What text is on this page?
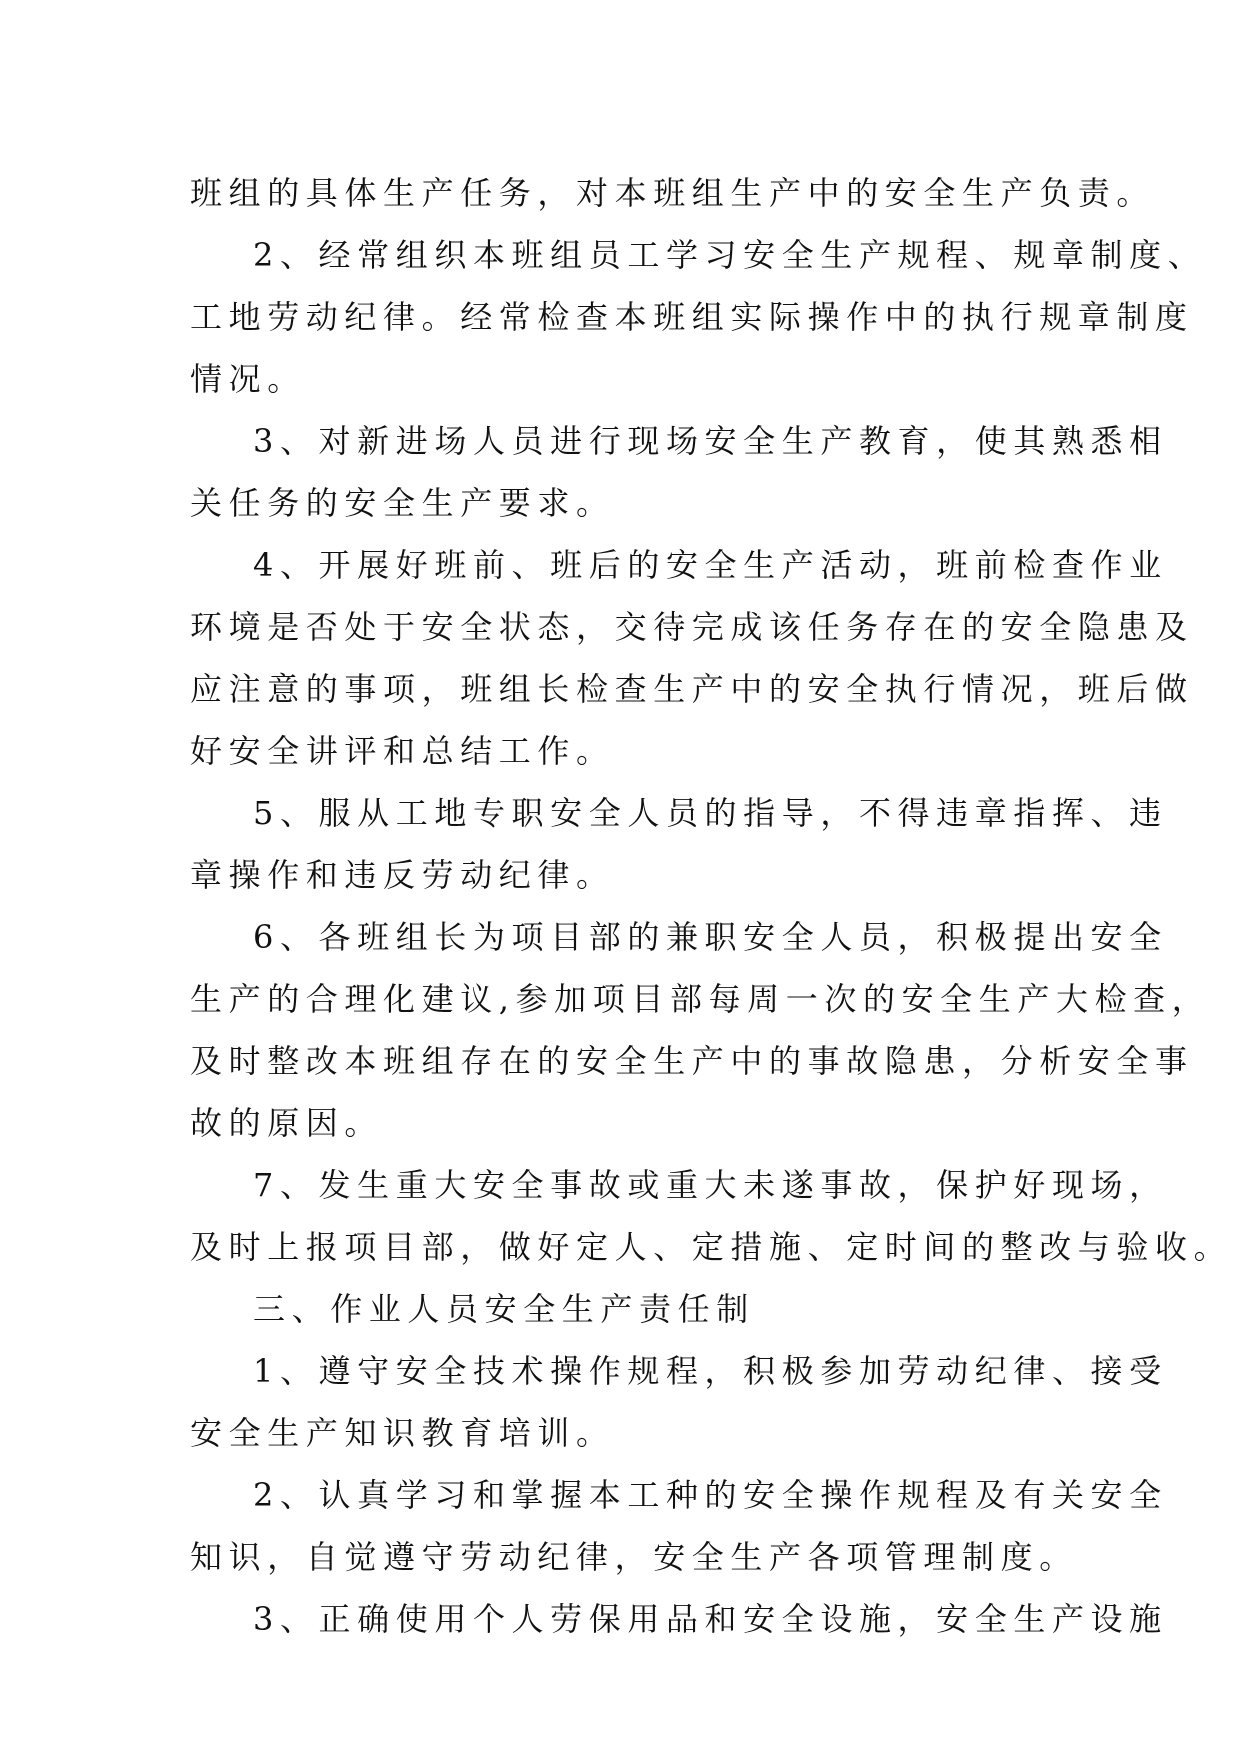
班组的具体生产任务，对本班组生产中的安全生产负责。
2、经常组织本班组员工学习安全生产规程、规章制度、
工地劳动纪律。经常检查本班组实际操作中的执行规章制度
情况。
3、对新进场人员进行现场安全生产教育，使其熟悉相
关任务的安全生产要求。
4、开展好班前、班后的安全生产活动，班前检查作业
环境是否处于安全状态，交待完成该任务存在的安全隐患及
应注意的事项，班组长检查生产中的安全执行情况，班后做
好安全讲评和总结工作。
5、服从工地专职安全人员的指导，不得违章指挥、违
章操作和违反劳动纪律。
6、各班组长为项目部的兼职安全人员，积极提出安全
生产的合理化建议,参加项目部每周一次的安全生产大检查，
及时整改本班组存在的安全生产中的事故隐患，分析安全事
故的原因。
7、发生重大安全事故或重大未遂事故，保护好现场，
及时上报项目部，做好定人、定措施、定时间的整改与验收。
三、作业人员安全生产责任制
1、遵守安全技术操作规程，积极参加劳动纪律、接受
安全生产知识教育培训。
2、认真学习和掌握本工种的安全操作规程及有关安全
知识，自觉遵守劳动纪律，安全生产各项管理制度。
3、正确使用个人劳保用品和安全设施，安全生产设施
